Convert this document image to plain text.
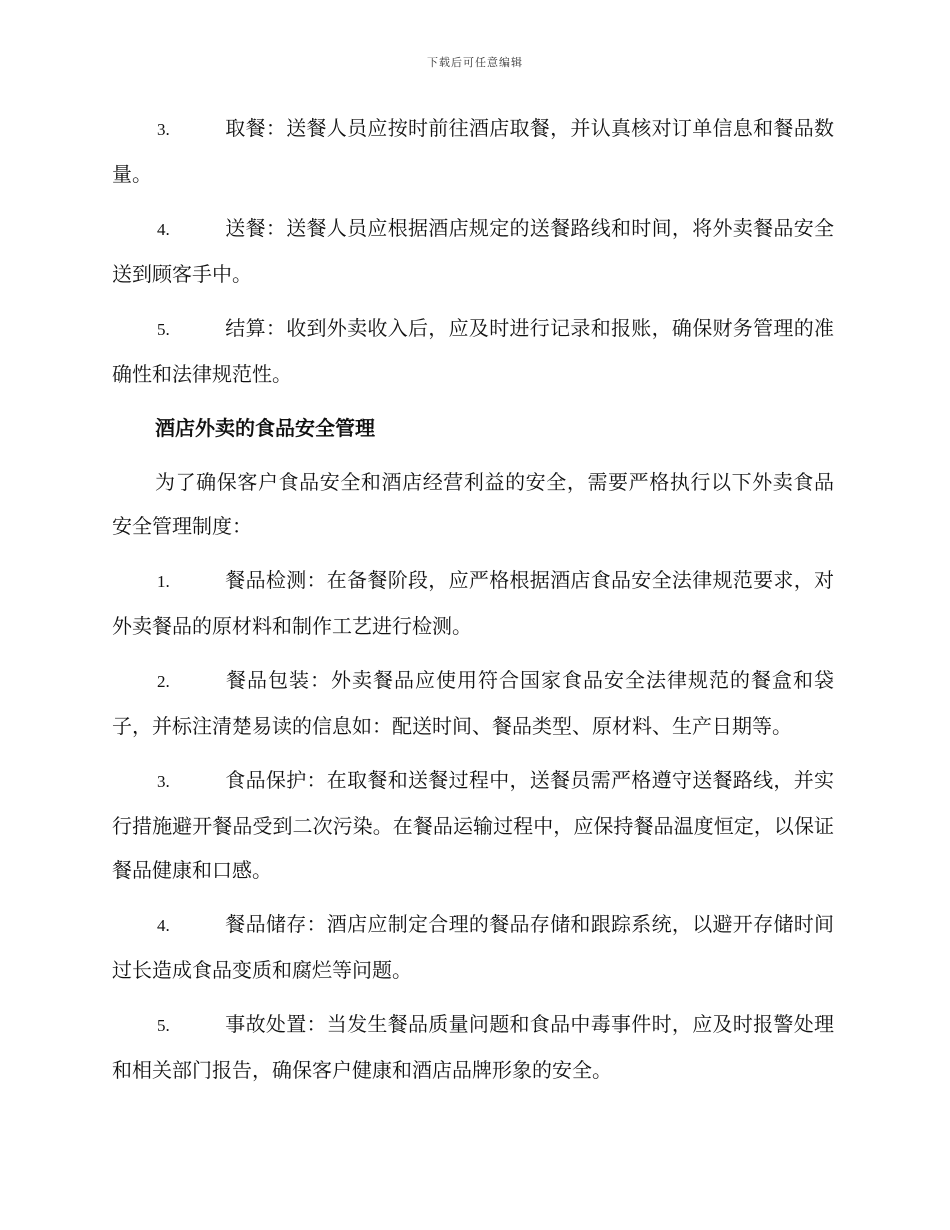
下载后可任意编辑

3.	取餐：送餐人员应按时前往酒店取餐，并认真核对订单信息和餐品数量。

4.	送餐：送餐人员应根据酒店规定的送餐路线和时间，将外卖餐品安全送到顾客手中。

5.	结算：收到外卖收入后，应及时进行记录和报账，确保财务管理的准确性和法律规范性。

酒店外卖的食品安全管理

为了确保客户食品安全和酒店经营利益的安全，需要严格执行以下外卖食品安全管理制度：

1.	餐品检测：在备餐阶段，应严格根据酒店食品安全法律规范要求，对外卖餐品的原材料和制作工艺进行检测。

2.	餐品包装：外卖餐品应使用符合国家食品安全法律规范的餐盒和袋子，并标注清楚易读的信息如：配送时间、餐品类型、原材料、生产日期等。

3.	食品保护：在取餐和送餐过程中，送餐员需严格遵守送餐路线，并实行措施避开餐品受到二次污染。在餐品运输过程中，应保持餐品温度恒定，以保证餐品健康和口感。

4.	餐品储存：酒店应制定合理的餐品存储和跟踪系统，以避开存储时间过长造成食品变质和腐烂等问题。

5.	事故处置：当发生餐品质量问题和食品中毒事件时，应及时报警处理和相关部门报告，确保客户健康和酒店品牌形象的安全。
